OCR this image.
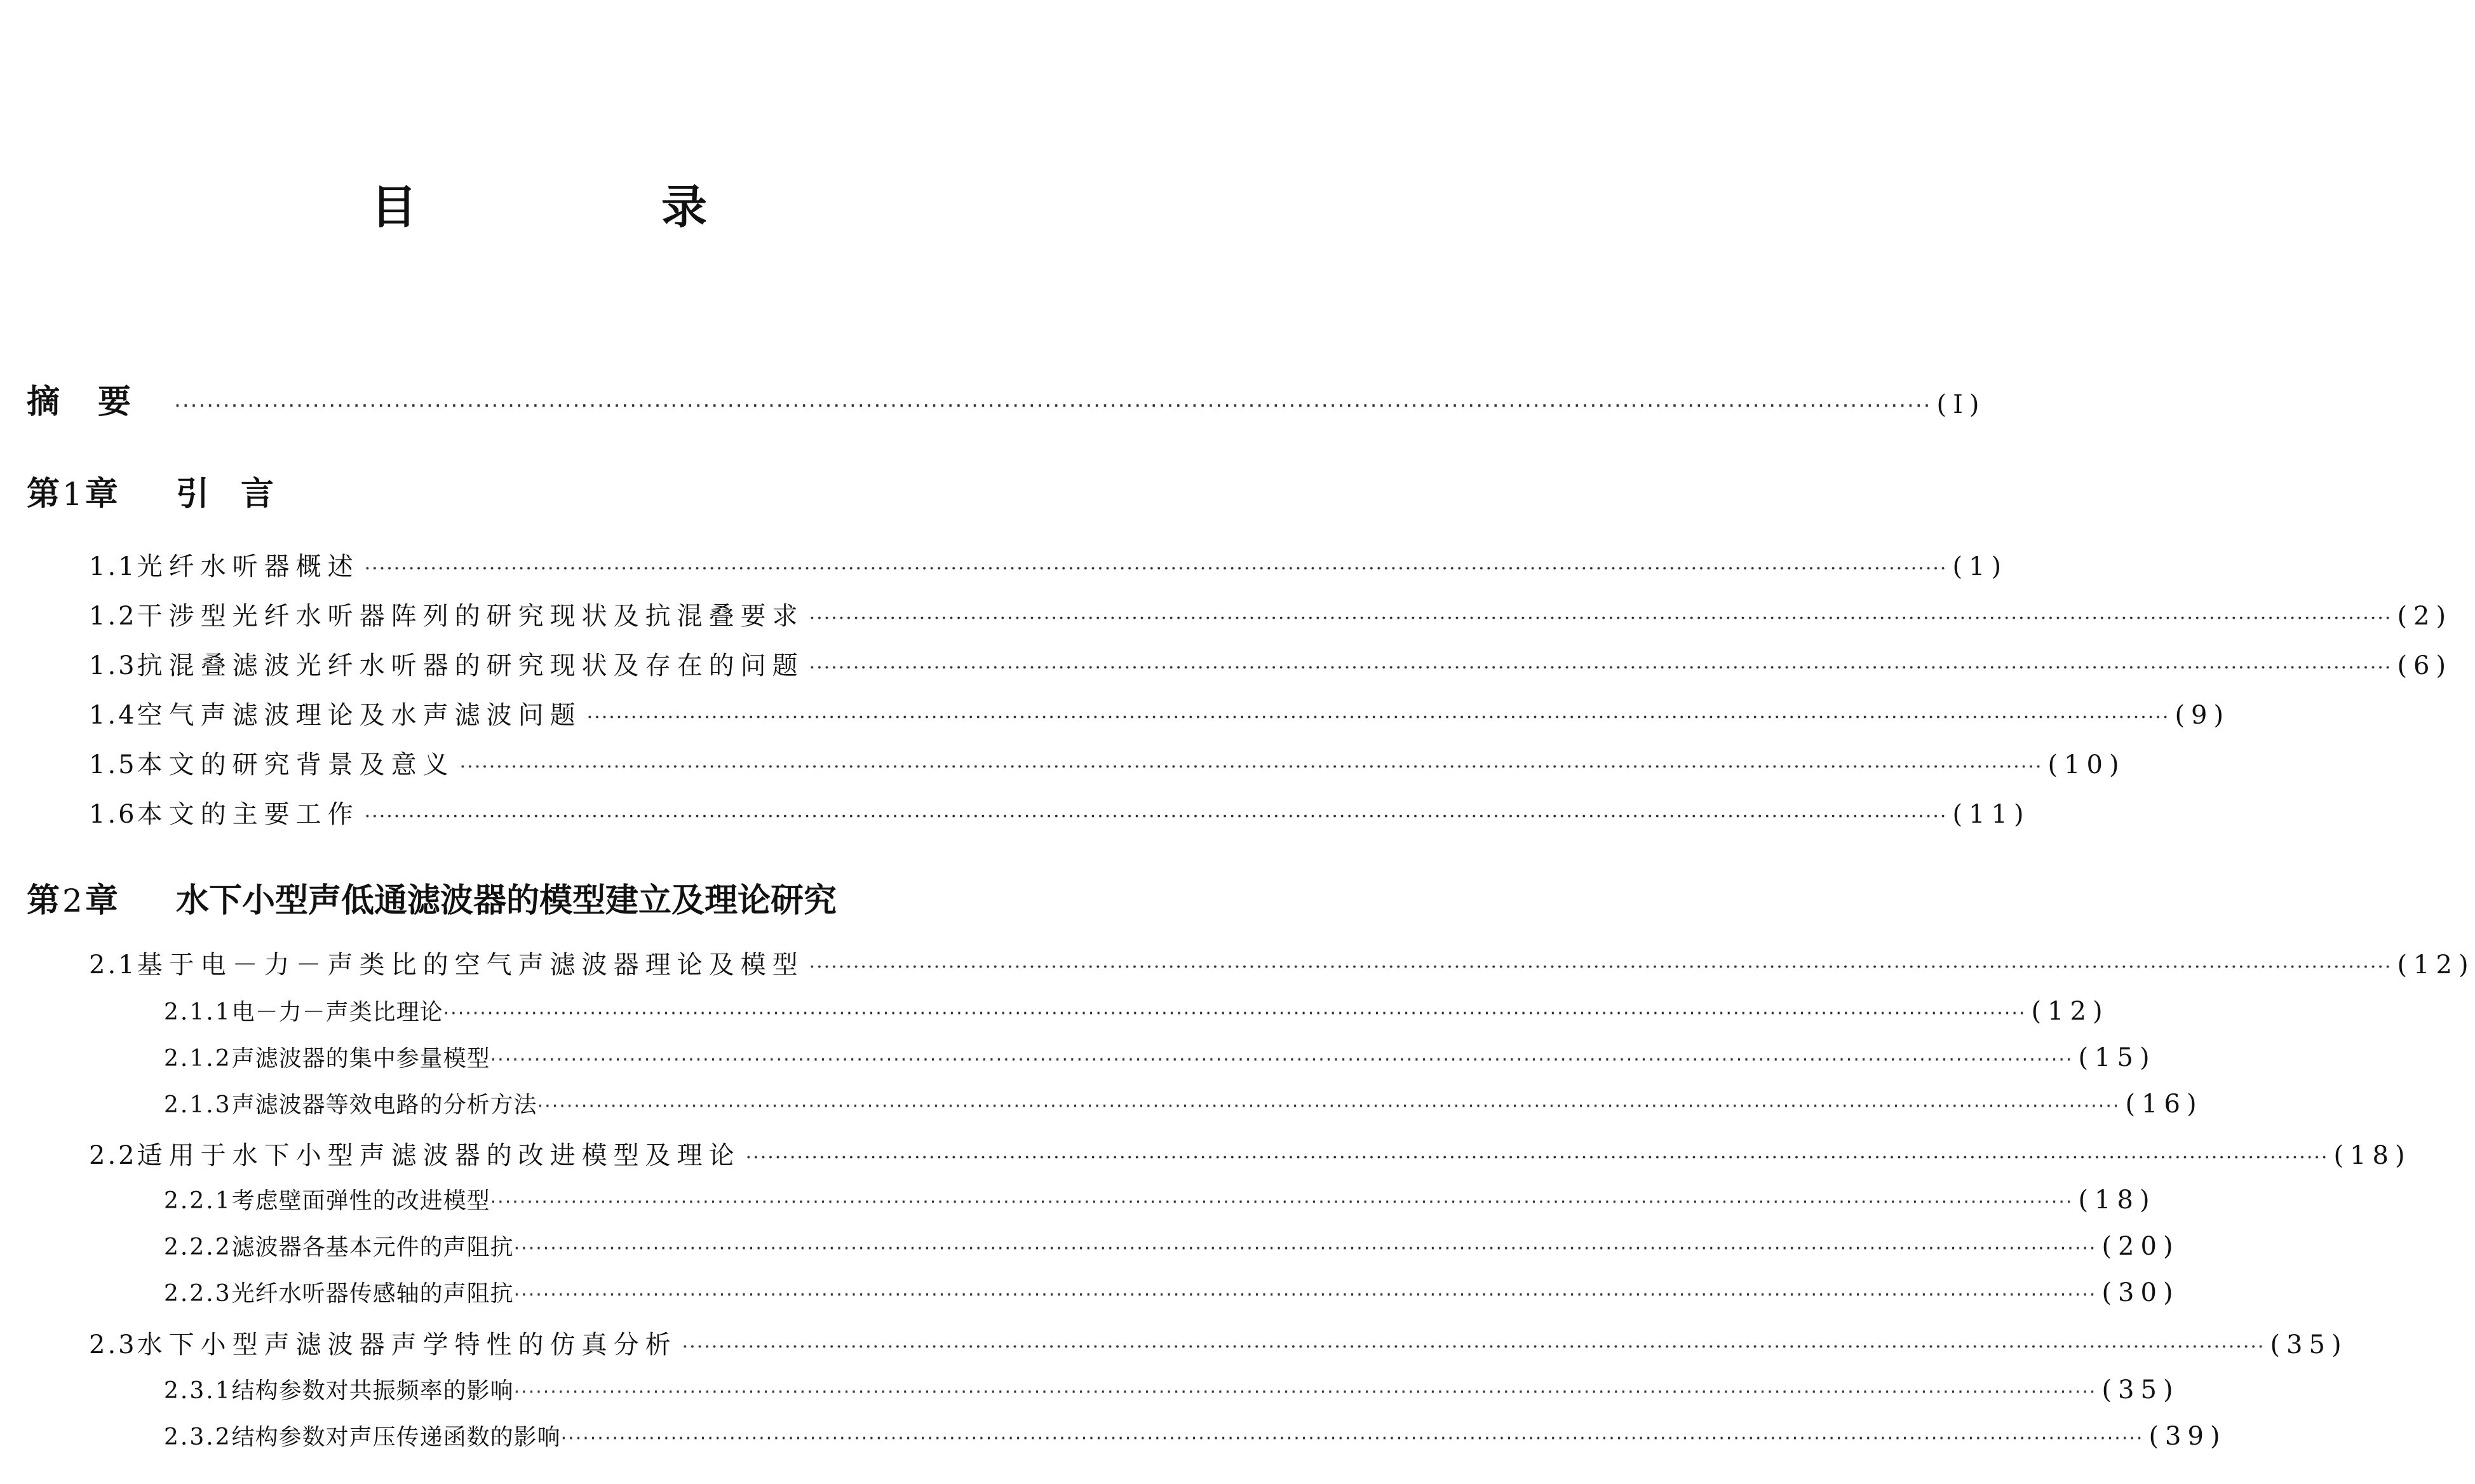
目 录
摘要 ·····	(I)
第1章	引言
1.1 光纤水听器概述 ·····	(1)
1.2 干涉型光纤水听器阵列的研究现状及抗混叠要求 ·····	(2)
1.3 抗混叠滤波光纤水听器的研究现状及存在的问题 ·····	(6)
1.4 空气声滤波理论及水声滤波问题 ·····	(9)
1.5 本文的研究背景及意义 ·····	(10)
1.6 本文的主要工作 ·····	(11)
第2章	水下小型声低通滤波器的模型建立及理论研究
2.1 基于电－力－声类比的空气声滤波器理论及模型 ·····	(12)
2.1.1 电－力－声类比理论 ·····	(12)
2.1.2 声滤波器的集中参量模型 ·····	(15)
2.1.3 声滤波器等效电路的分析方法 ·····	(16)
2.2 适用于水下小型声滤波器的改进模型及理论 ·····	(18)
2.2.1 考虑壁面弹性的改进模型 ·····	(18)
2.2.2 滤波器各基本元件的声阻抗 ·····	(20)
2.2.3 光纤水听器传感轴的声阻抗 ·····	(30)
2.3 水下小型声滤波器声学特性的仿真分析 ·····	(35)
2.3.1 结构参数对共振频率的影响 ·····	(35)
2.3.2 结构参数对声压传递函数的影响 ·····	(39)
